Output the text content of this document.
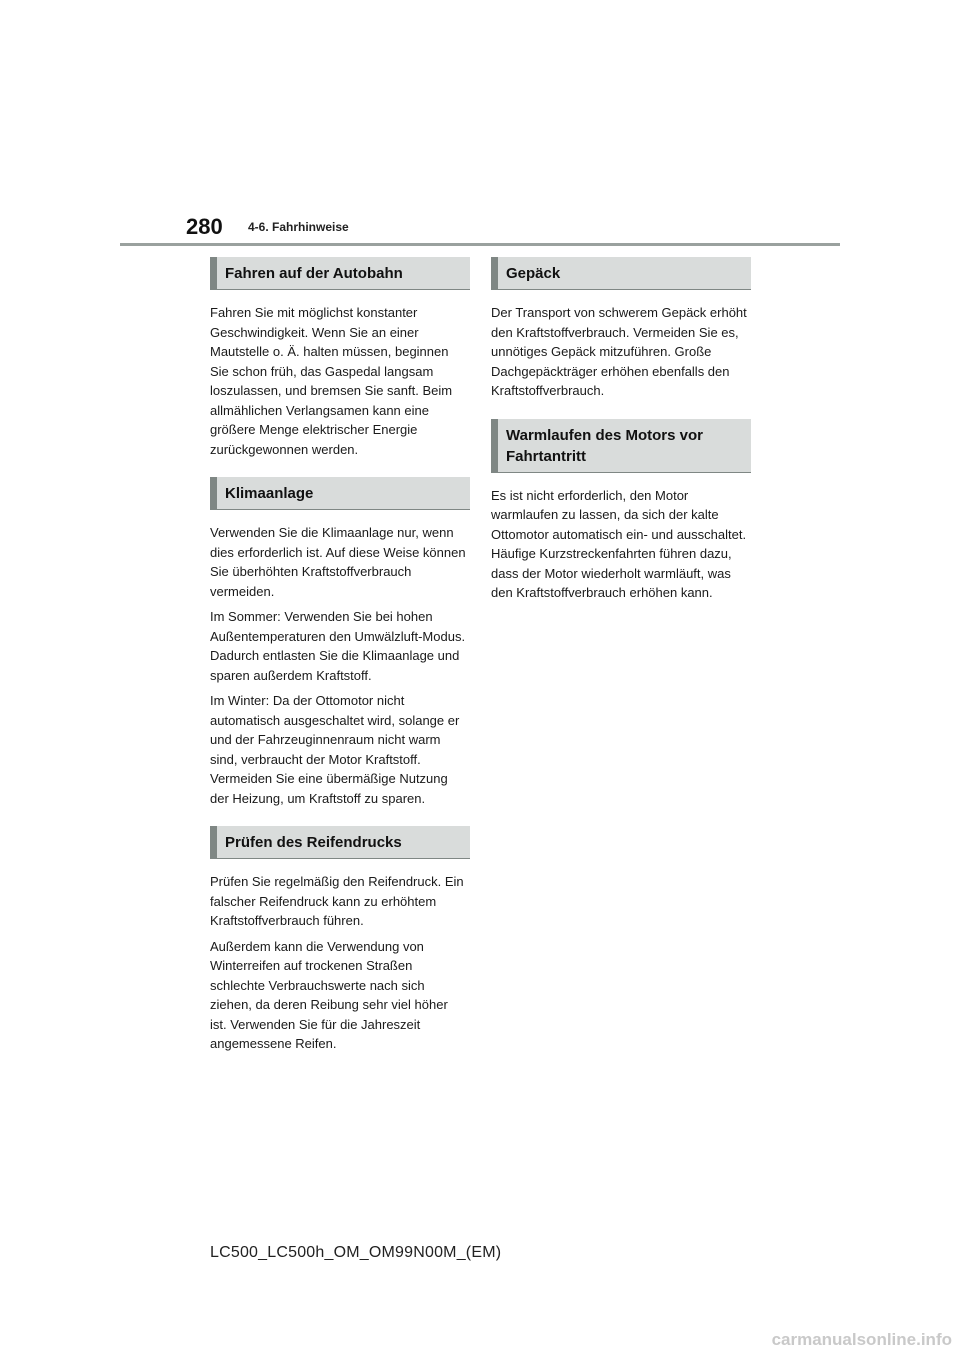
280 4-6. Fahrhinweise
Fahren auf der Autobahn

Fahren Sie mit möglichst konstanter Geschwindigkeit. Wenn Sie an einer Mautstelle o. Ä. halten müssen, beginnen Sie schon früh, das Gaspedal langsam loszulassen, und bremsen Sie sanft. Beim allmählichen Verlangsamen kann eine größere Menge elektrischer Energie zurückgewonnen werden.

Klimaanlage

Verwenden Sie die Klimaanlage nur, wenn dies erforderlich ist. Auf diese Weise können Sie überhöhten Kraftstoffverbrauch vermeiden.

Im Sommer: Verwenden Sie bei hohen Außentemperaturen den Umwälzluft-Modus. Dadurch entlasten Sie die Klimaanlage und sparen außerdem Kraftstoff.

Im Winter: Da der Ottomotor nicht automatisch ausgeschaltet wird, solange er und der Fahrzeuginnenraum nicht warm sind, verbraucht der Motor Kraftstoff. Vermeiden Sie eine übermäßige Nutzung der Heizung, um Kraftstoff zu sparen.

Prüfen des Reifendrucks

Prüfen Sie regelmäßig den Reifendruck. Ein falscher Reifendruck kann zu erhöhtem Kraftstoffverbrauch führen.

Außerdem kann die Verwendung von Winterreifen auf trockenen Straßen schlechte Verbrauchswerte nach sich ziehen, da deren Reibung sehr viel höher ist. Verwenden Sie für die Jahreszeit angemessene Reifen.

Gepäck

Der Transport von schwerem Gepäck erhöht den Kraftstoffverbrauch. Vermeiden Sie es, unnötiges Gepäck mitzuführen. Große Dachgepäckträger erhöhen ebenfalls den Kraftstoffverbrauch.

Warmlaufen des Motors vor Fahrtantritt

Es ist nicht erforderlich, den Motor warmlaufen zu lassen, da sich der kalte Ottomotor automatisch ein- und ausschaltet. Häufige Kurzstreckenfahrten führen dazu, dass der Motor wiederholt warmläuft, was den Kraftstoffverbrauch erhöhen kann.

LC500_LC500h_OM_OM99N00M_(EM)
carmanualsonline.info
